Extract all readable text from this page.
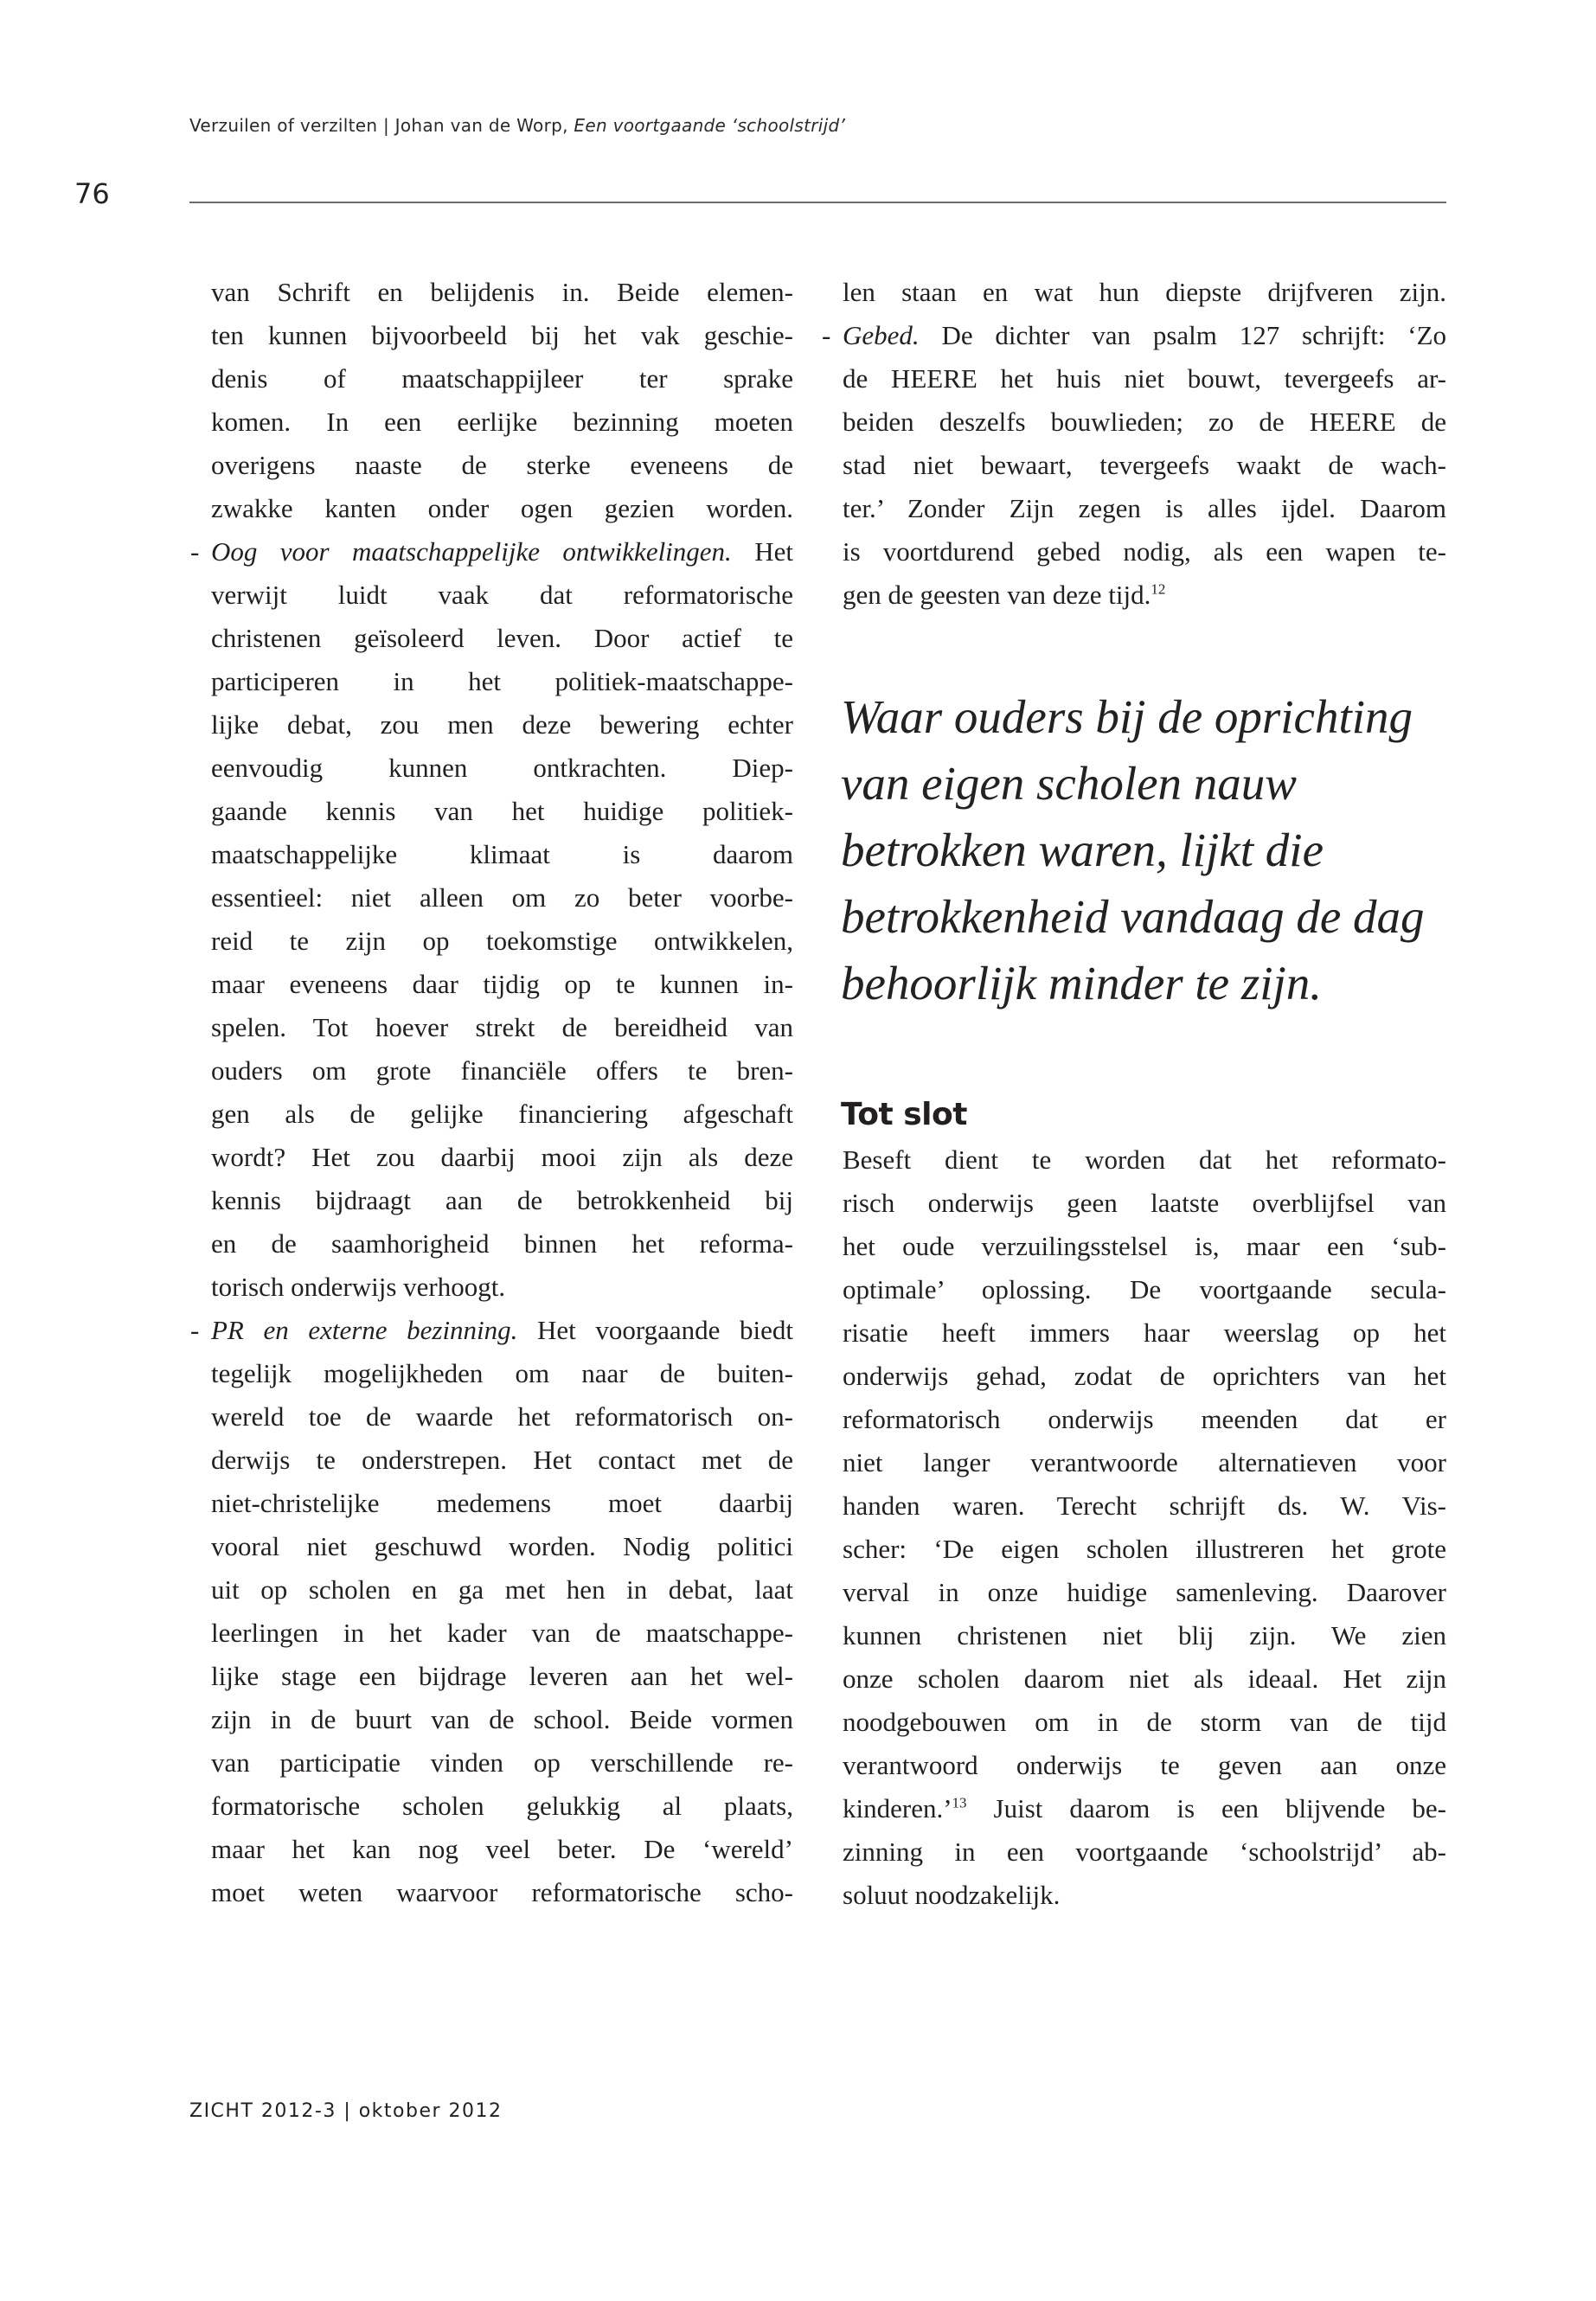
Verzuilen of verzilten | Johan van de Worp, Een voortgaande ‘schoolstrijd’
76
van Schrift en belijdenis in. Beide elemen-
ten kunnen bijvoorbeeld bij het vak geschie-
denis of maatschappijleer ter sprake
komen. In een eerlijke bezinning moeten
overigens naaste de sterke eveneens de
zwakke kanten onder ogen gezien worden.
- Oog voor maatschappelijke ontwikkelingen. Het
verwijt luidt vaak dat reformatorische
christenen geïsoleerd leven. Door actief te
participeren in het politiek-maatschappe-
lijke debat, zou men deze bewering echter
eenvoudig kunnen ontkrachten. Diep-
gaande kennis van het huidige politiek-
maatschappelijke klimaat is daarom
essentieel: niet alleen om zo beter voorbe-
reid te zijn op toekomstige ontwikkelen,
maar eveneens daar tijdig op te kunnen in-
spelen. Tot hoever strekt de bereidheid van
ouders om grote financiële offers te bren-
gen als de gelijke financiering afgeschaft
wordt? Het zou daarbij mooi zijn als deze
kennis bijdraagt aan de betrokkenheid bij
en de saamhorigheid binnen het reforma-
torisch onderwijs verhoogt.
- PR en externe bezinning. Het voorgaande biedt
tegelijk mogelijkheden om naar de buiten-
wereld toe de waarde het reformatorisch on-
derwijs te onderstrepen. Het contact met de
niet-christelijke medemens moet daarbij
vooral niet geschuwd worden. Nodig politici
uit op scholen en ga met hen in debat, laat
leerlingen in het kader van de maatschappe-
lijke stage een bijdrage leveren aan het wel-
zijn in de buurt van de school. Beide vormen
van participatie vinden op verschillende re-
formatorische scholen gelukkig al plaats,
maar het kan nog veel beter. De ‘wereld’
moet weten waarvoor reformatorische scho-
len staan en wat hun diepste drijfveren zijn.
- Gebed. De dichter van psalm 127 schrijft: ‘Zo
de HEERE het huis niet bouwt, tevergeefs ar-
beiden deszelfs bouwlieden; zo de HEERE de
stad niet bewaart, tevergeefs waakt de wach-
ter.’ Zonder Zijn zegen is alles ijdel. Daarom
is voortdurend gebed nodig, als een wapen te-
gen de geesten van deze tijd.$^{12}$
Waar ouders bij de oprichting
van eigen scholen nauw
betrokken waren, lijkt die
betrokkenheid vandaag de dag
behoorlijk minder te zijn.
Tot slot
Beseft dient te worden dat het reformato-
risch onderwijs geen laatste overblijfsel van
het oude verzuilingsstelsel is, maar een ‘sub-
optimale’ oplossing. De voortgaande secula-
risatie heeft immers haar weerslag op het
onderwijs gehad, zodat de oprichters van het
reformatorisch onderwijs meenden dat er
niet langer verantwoorde alternatieven voor
handen waren. Terecht schrijft ds. W. Vis-
scher: ‘De eigen scholen illustreren het grote
verval in onze huidige samenleving. Daarover
kunnen christenen niet blij zijn. We zien
onze scholen daarom niet als ideaal. Het zijn
noodgebouwen om in de storm van de tijd
verantwoord onderwijs te geven aan onze
kinderen.’$^{13}$ Juist daarom is een blijvende be-
zinning in een voortgaande ‘schoolstrijd’ ab-
soluut noodzakelijk.
ZICHT 2012-3 | oktober 2012
